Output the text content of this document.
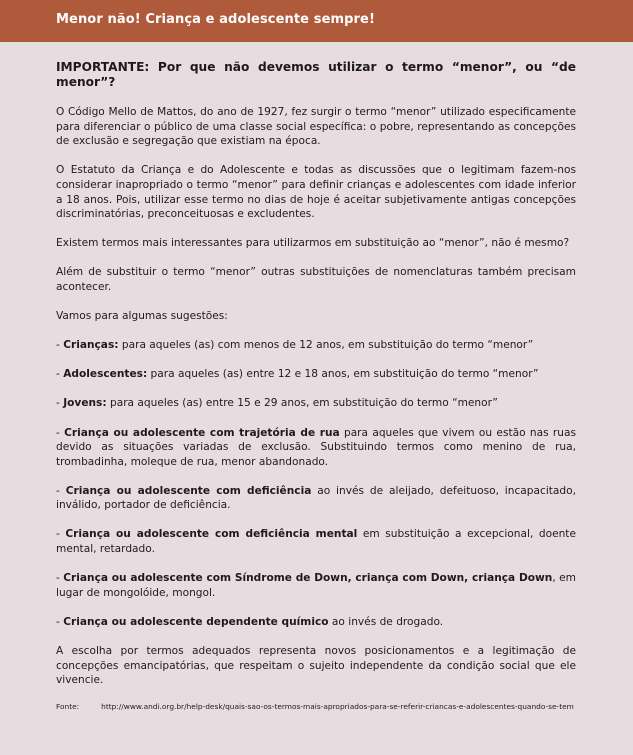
Menor não! Criança e adolescente sempre!

IMPORTANTE: Por que não devemos utilizar o termo “menor”, ou “de menor”?

O Código Mello de Mattos, do ano de 1927, fez surgir o termo “menor” utilizado especificamente para diferenciar o público de uma classe social específica: o pobre, representando as concepções de exclusão e segregação que existiam na época.

O Estatuto da Criança e do Adolescente e todas as discussões que o legitimam fazem-nos considerar inapropriado o termo “menor” para definir crianças e adolescentes com idade inferior a 18 anos. Pois, utilizar esse termo no dias de hoje é aceitar subjetivamente antigas concepções discriminatórias, preconceituosas e excludentes.

Existem termos mais interessantes para utilizarmos em substituição ao “menor”, não é mesmo?

Além de substituir o termo “menor” outras substituições de nomenclaturas também precisam acontecer.

Vamos para algumas sugestões:

- Crianças: para aqueles (as) com menos de 12 anos, em substituição do termo “menor”

- Adolescentes: para aqueles (as) entre 12 e 18 anos, em substituição do termo “menor”

- Jovens: para aqueles (as) entre 15 e 29 anos, em substituição do termo “menor”

- Criança ou adolescente com trajetória de rua para aqueles que vivem ou estão nas ruas devido as situações variadas de exclusão. Substituindo termos como menino de rua, trombadinha, moleque de rua, menor abandonado.

- Criança ou adolescente com deficiência ao invés de aleijado, defeituoso, incapacitado, inválido, portador de deficiência.

- Criança ou adolescente com deficiência mental em substituição a excepcional, doente mental, retardado.

- Criança ou adolescente com Síndrome de Down, criança com Down, criança Down, em lugar de mongolóide, mongol.

- Criança ou adolescente dependente químico ao invés de drogado.

A escolha por termos adequados representa novos posicionamentos e a legitimação de concepções emancipatórias, que respeitam o sujeito independente da condição social que ele vivencie.

Fonte:	http://www.andi.org.br/help-desk/quais-sao-os-termos-mais-apropriados-para-se-referir-criancas-e-adolescentes-quando-se-tem
